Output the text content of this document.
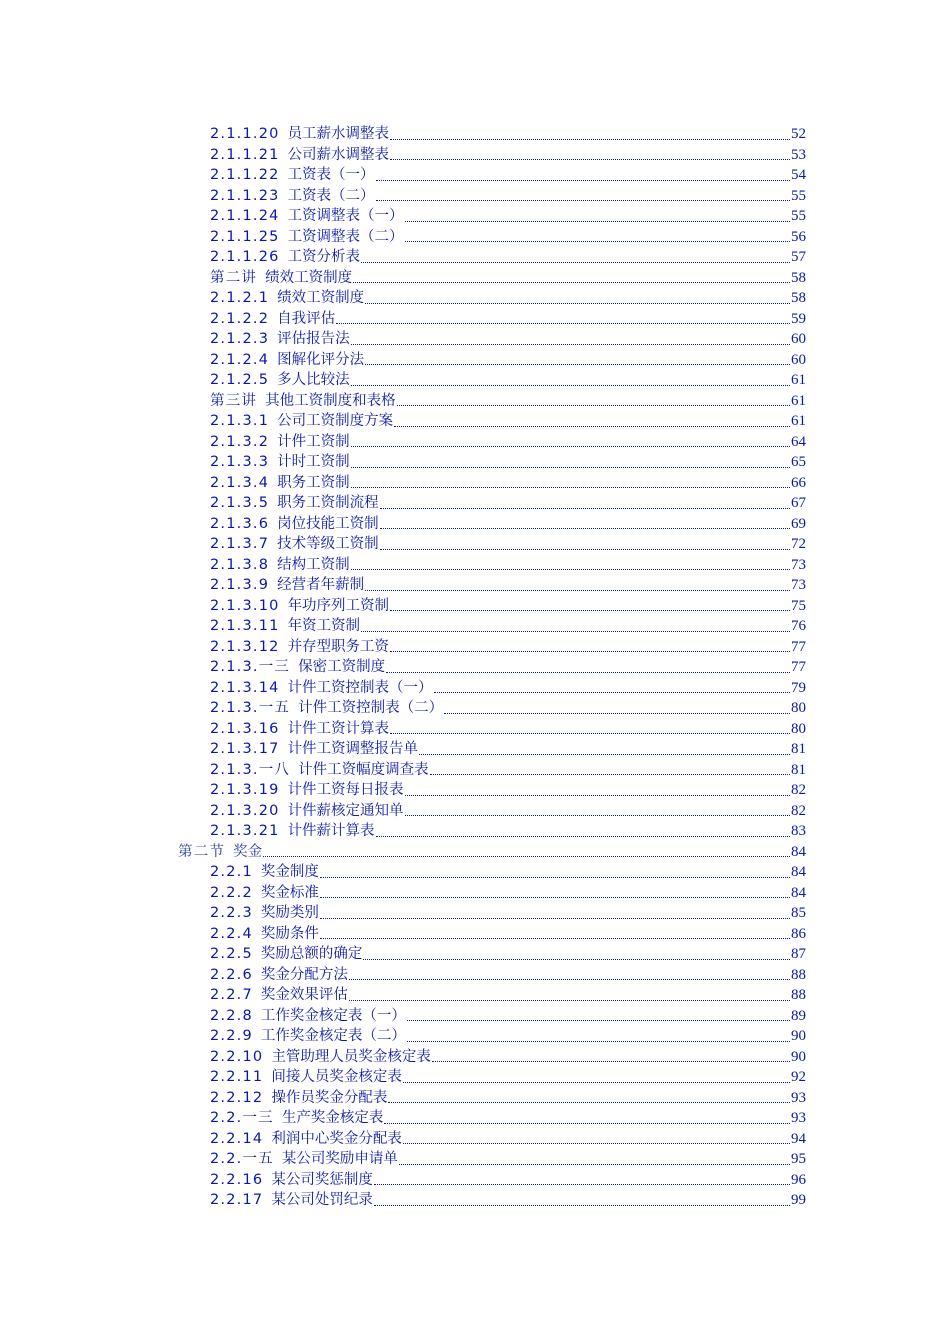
2.1.1.20 员工薪水调整表	52
2.1.1.21 公司薪水调整表	53
2.1.1.22 工资表（一）	54
2.1.1.23 工资表（二）	55
2.1.1.24 工资调整表（一）	55
2.1.1.25 工资调整表（二）	56
2.1.1.26 工资分析表	57
第二讲 绩效工资制度	58
2.1.2.1 绩效工资制度	58
2.1.2.2 自我评估	59
2.1.2.3 评估报告法	60
2.1.2.4 图解化评分法	60
2.1.2.5 多人比较法	61
第三讲 其他工资制度和表格	61
2.1.3.1 公司工资制度方案	61
2.1.3.2 计件工资制	64
2.1.3.3 计时工资制	65
2.1.3.4 职务工资制	66
2.1.3.5 职务工资制流程	67
2.1.3.6 岗位技能工资制	69
2.1.3.7 技术等级工资制	72
2.1.3.8 结构工资制	73
2.1.3.9 经营者年薪制	73
2.1.3.10 年功序列工资制	75
2.1.3.11 年资工资制	76
2.1.3.12 并存型职务工资	77
2.1.3.一三 保密工资制度	77
2.1.3.14 计件工资控制表（一）	79
2.1.3.一五 计件工资控制表（二）	80
2.1.3.16 计件工资计算表	80
2.1.3.17 计件工资调整报告单	81
2.1.3.一八 计件工资幅度调查表	81
2.1.3.19 计件工资每日报表	82
2.1.3.20 计件薪核定通知单	82
2.1.3.21 计件薪计算表	83
第二节 奖金	84
2.2.1 奖金制度	84
2.2.2 奖金标准	84
2.2.3 奖励类别	85
2.2.4 奖励条件	86
2.2.5 奖励总额的确定	87
2.2.6 奖金分配方法	88
2.2.7 奖金效果评估	88
2.2.8 工作奖金核定表（一）	89
2.2.9 工作奖金核定表（二）	90
2.2.10 主管助理人员奖金核定表	90
2.2.11 间接人员奖金核定表	92
2.2.12 操作员奖金分配表	93
2.2.一三 生产奖金核定表	93
2.2.14 利润中心奖金分配表	94
2.2.一五 某公司奖励申请单	95
2.2.16 某公司奖惩制度	96
2.2.17 某公司处罚纪录	99
